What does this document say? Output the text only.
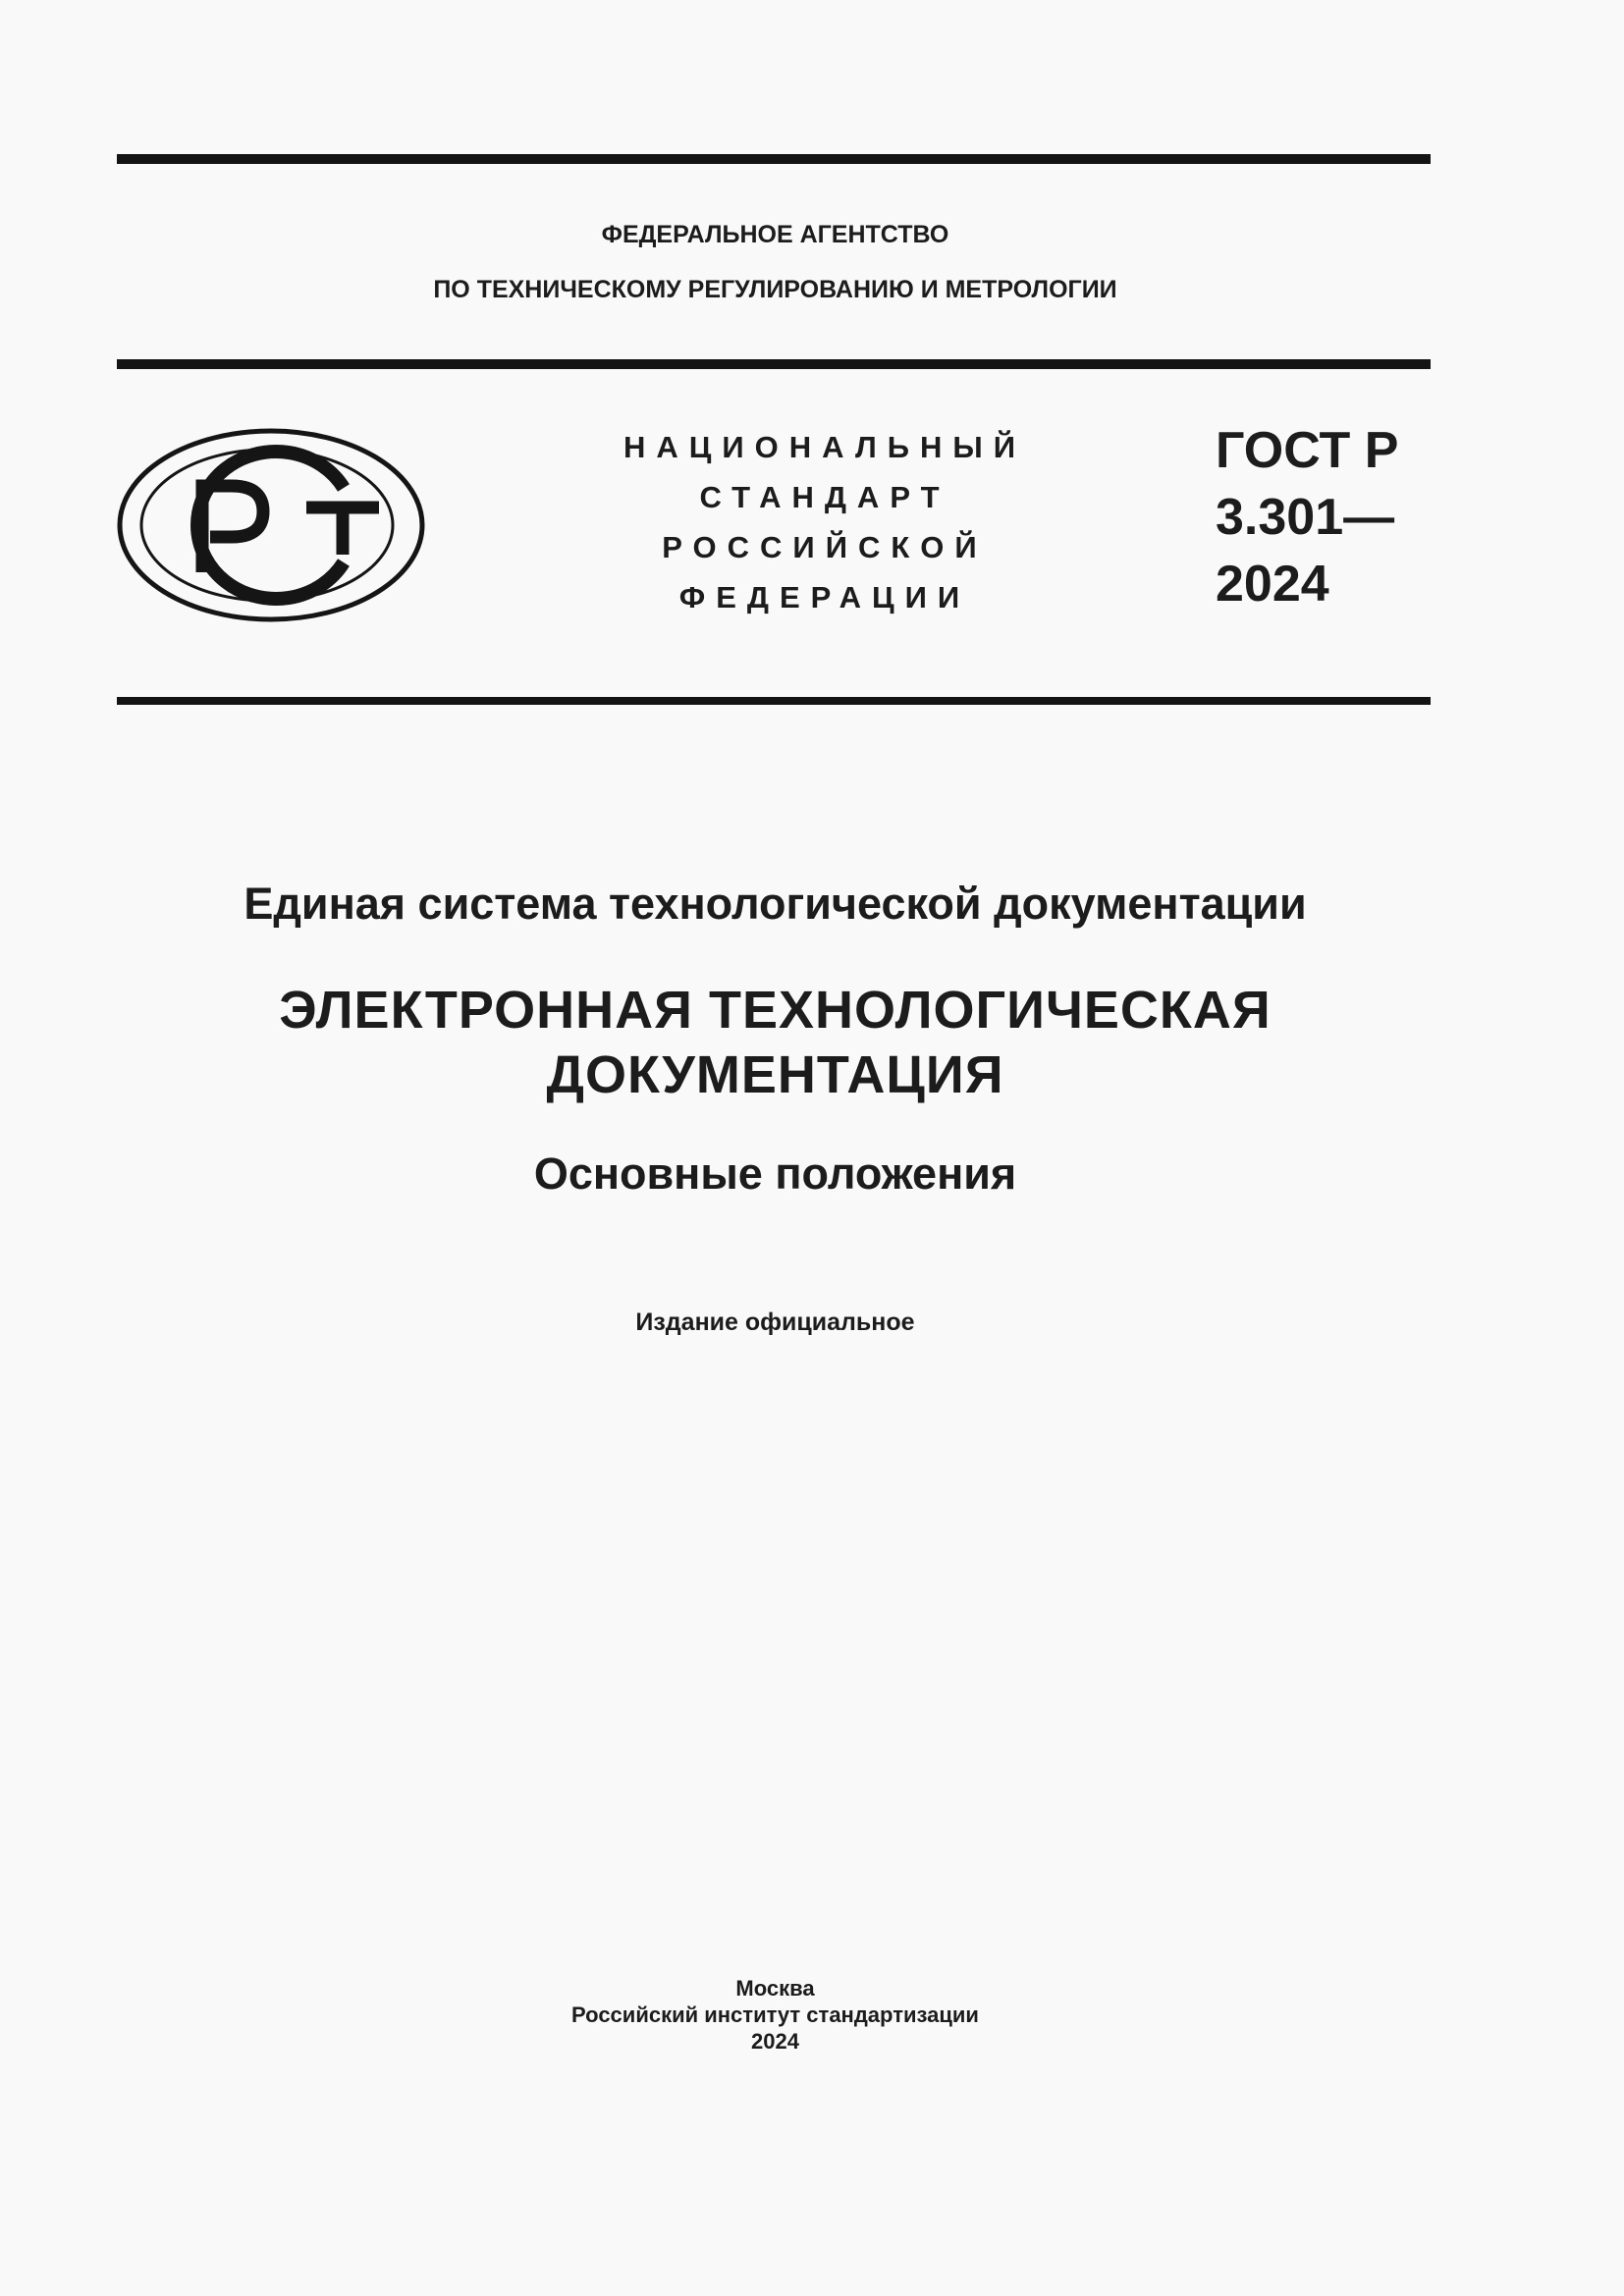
ФЕДЕРАЛЬНОЕ АГЕНТСТВО
ПО ТЕХНИЧЕСКОМУ РЕГУЛИРОВАНИЮ И МЕТРОЛОГИИ
НАЦИОНАЛЬНЫЙ
СТАНДАРТ
РОССИЙСКОЙ
ФЕДЕРАЦИИ
ГОСТ Р
3.301—
2024
Единая система технологической документации
ЭЛЕКТРОННАЯ ТЕХНОЛОГИЧЕСКАЯ
ДОКУМЕНТАЦИЯ
Основные положения
Издание официальное
Москва
Российский институт стандартизации
2024
